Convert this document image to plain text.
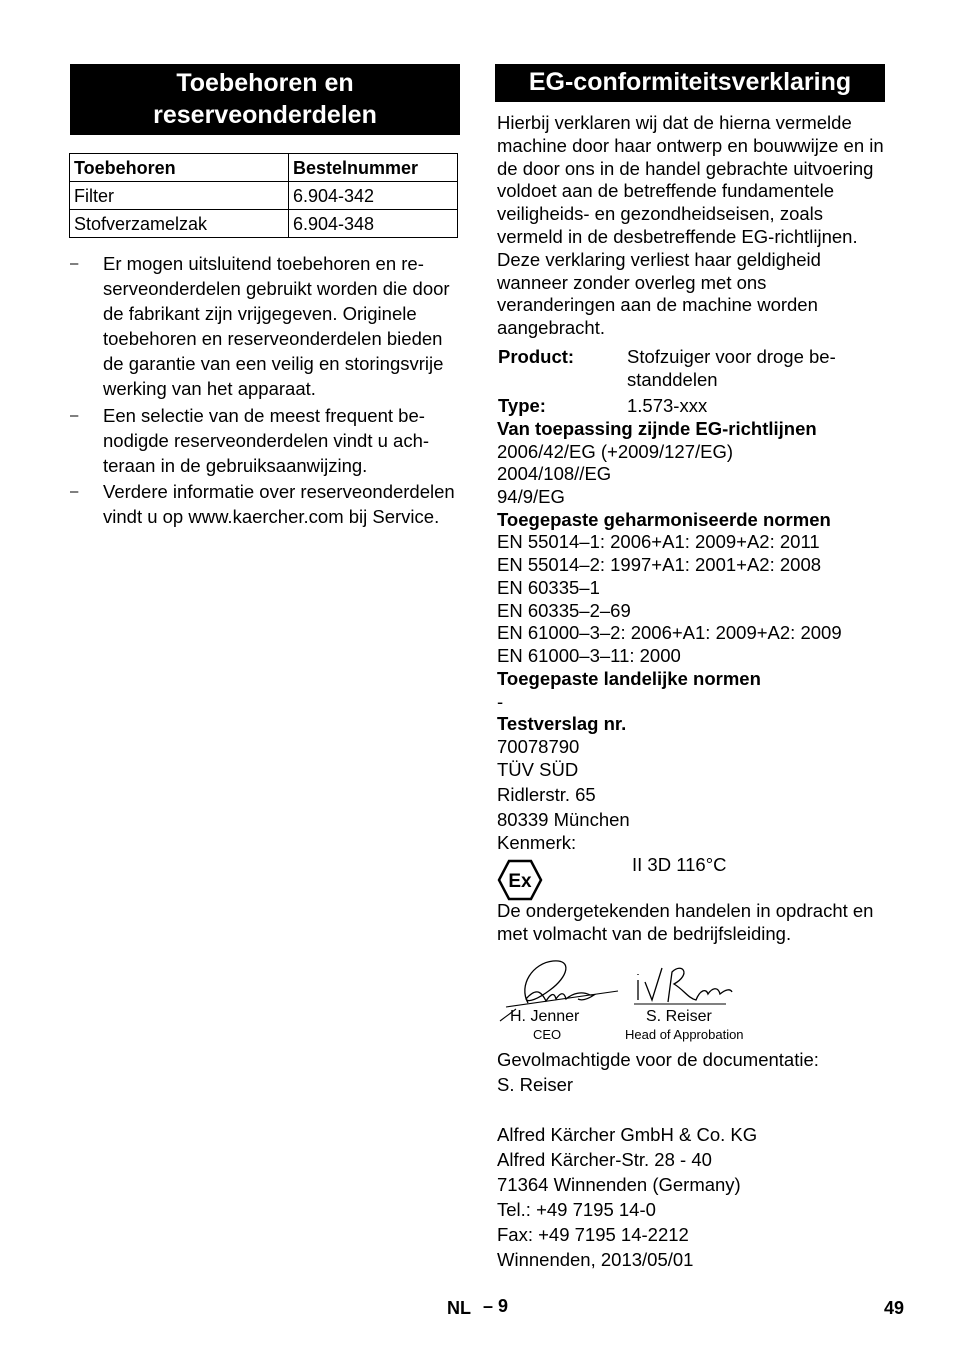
Toebehoren en reserveonderdelen
Toebehoren	Bestelnummer
Filter	6.904-342
Stofverzamelzak	6.904-348
– Er mogen uitsluitend toebehoren en reserveonderdelen gebruikt worden die door de fabrikant zijn vrijgegeven. Originele toebehoren en reserveonderdelen bieden de garantie van een veilig en storingsvrije werking van het apparaat.
– Een selectie van de meest frequent benodigde reserveonderdelen vindt u achteraan in de gebruiksaanwijzing.
– Verdere informatie over reserveonderdelen vindt u op www.kaercher.com bij Service.
EG-conformiteitsverklaring
Hierbij verklaren wij dat de hierna vermelde machine door haar ontwerp en bouwwijze en in de door ons in de handel gebrachte uitvoering voldoet aan de betreffende fundamentele veiligheids- en gezondheidseisen, zoals vermeld in de desbetreffende EG-richtlijnen. Deze verklaring verliest haar geldigheid wanneer zonder overleg met ons veranderingen aan de machine worden aangebracht.
Product:	Stofzuiger voor droge bestanddelen
Type:	1.573-xxx
Van toepassing zijnde EG-richtlijnen
2006/42/EG (+2009/127/EG)
2004/108//EG
94/9/EG
Toegepaste geharmoniseerde normen
EN 55014–1: 2006+A1: 2009+A2: 2011
EN 55014–2: 1997+A1: 2001+A2: 2008
EN 60335–1
EN 60335–2–69
EN 61000–3–2: 2006+A1: 2009+A2: 2009
EN 61000–3–11: 2000
Toegepaste landelijke normen
-
Testverslag nr.
70078790
TÜV SÜD
Ridlerstr. 65
80339 München
Kenmerk:
Ex
II 3D 116°C
De ondergetekenden handelen in opdracht en met volmacht van de bedrijfsleiding.
H. Jenner
CEO
S. Reiser
Head of Approbation
Gevolmachtigde voor de documentatie:
S. Reiser
Alfred Kärcher GmbH & Co. KG
Alfred Kärcher-Str. 28 - 40
71364 Winnenden (Germany)
Tel.: +49 7195 14-0
Fax: +49 7195 14-2212
Winnenden, 2013/05/01
NL – 9	49
